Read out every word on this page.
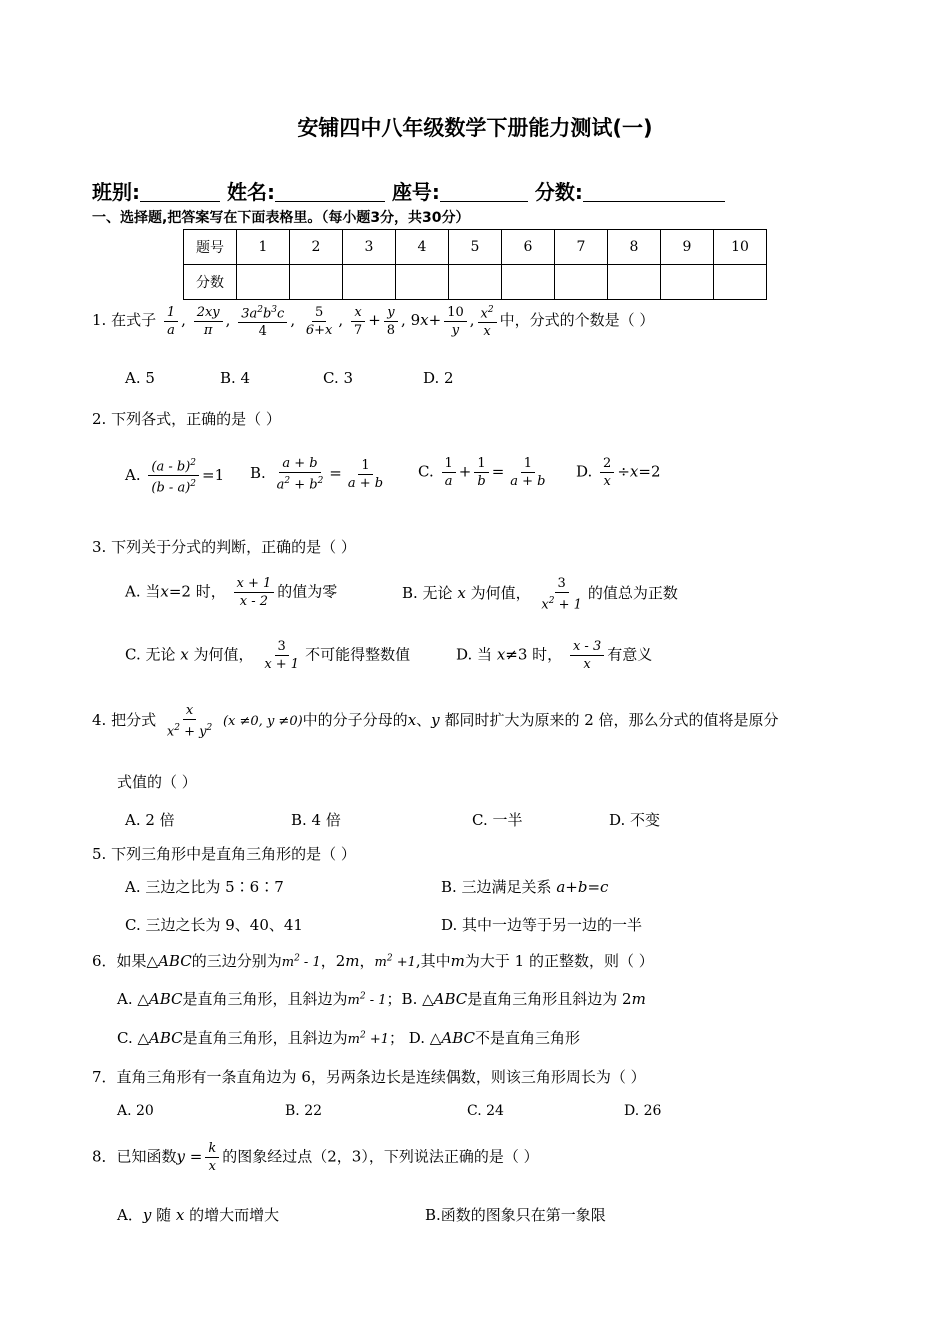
安铺四中八年级数学下册能力测试(一)
班别:	姓名:	座号:	分数:
一、选择题,把答案写在下面表格里。（每小题3分，共30分）
题号	1	2	3	4	5	6	7	8	9	10
分数										
1. 在式子 $\frac{1}{a}$ , $\frac{2xy}{\pi}$ , $\frac{3a^2b^3c}{4}$ , $\frac{5}{6+x}$ , $\frac{x}{7} + \frac{y}{8}$ , $9x+ \frac{10}{y}$ , $\frac{x^2}{x}$ 中，分式的个数是（ ）
A. 5	B. 4	C. 3	D. 2
2. 下列各式，正确的是（ ）
A. $\frac{(a - b)^2}{(b - a)^2} =1$ B. $\frac{a + b}{a^2 + b^2} = \frac{1}{a + b} C$. $\frac{1}{a} + \frac{1}{b} = \frac{1}{a + b} D$. $\frac{2}{x} \div x=2$
3. 下列关于分式的判断，正确的是（ ）
A. 当x=2 时， $\frac{x + 1}{x - 2}$ 的值为零	B. 无论 x 为何值， $\frac{3}{x^2 + 1}$ 的值总为正数
C. 无论 x 为何值， $\frac{3}{x + 1}$ 不可能得整数值	D. 当 x≠3 时， $\frac{x - 3}{x}$ 有意义
4. 把分式 $\frac{x}{x^2 + y^2} (x \ne 0$, y ≠0)中的分子分母的x、y 都同时扩大为原来的 2 倍，那么分式的值将是原分
式值的（ ）
A. 2 倍	B. 4 倍	C. 一半	D. 不变
5. 下列三角形中是直角三角形的是（ ）
A. 三边之比为 5∶6∶7	B. 三边满足关系 a+b=c
C. 三边之长为 9、40、41	D. 其中一边等于另一边的一半
6．如果△ABC的三边分别为$m^2 - 1$，2m，$m^2 +1$,其中m为大于 1 的正整数，则（ ）
A. △ABC是直角三角形，且斜边为$m^2 - 1$；B. △ABC是直角三角形且斜边为 2m
C. △ABC是直角三角形，且斜边为$m^2 +1$； D. △ABC不是直角三角形
7．直角三角形有一条直角边为 6，另两条边长是连续偶数，则该三角形周长为（ ）
A. 20	B. 22	C. 24	D. 26
8．已知函数$y = \frac{k}{x}$ 的图象经过点（2，3），下列说法正确的是（ ）
A．y 随 x 的增大而增大	B.函数的图象只在第一象限
